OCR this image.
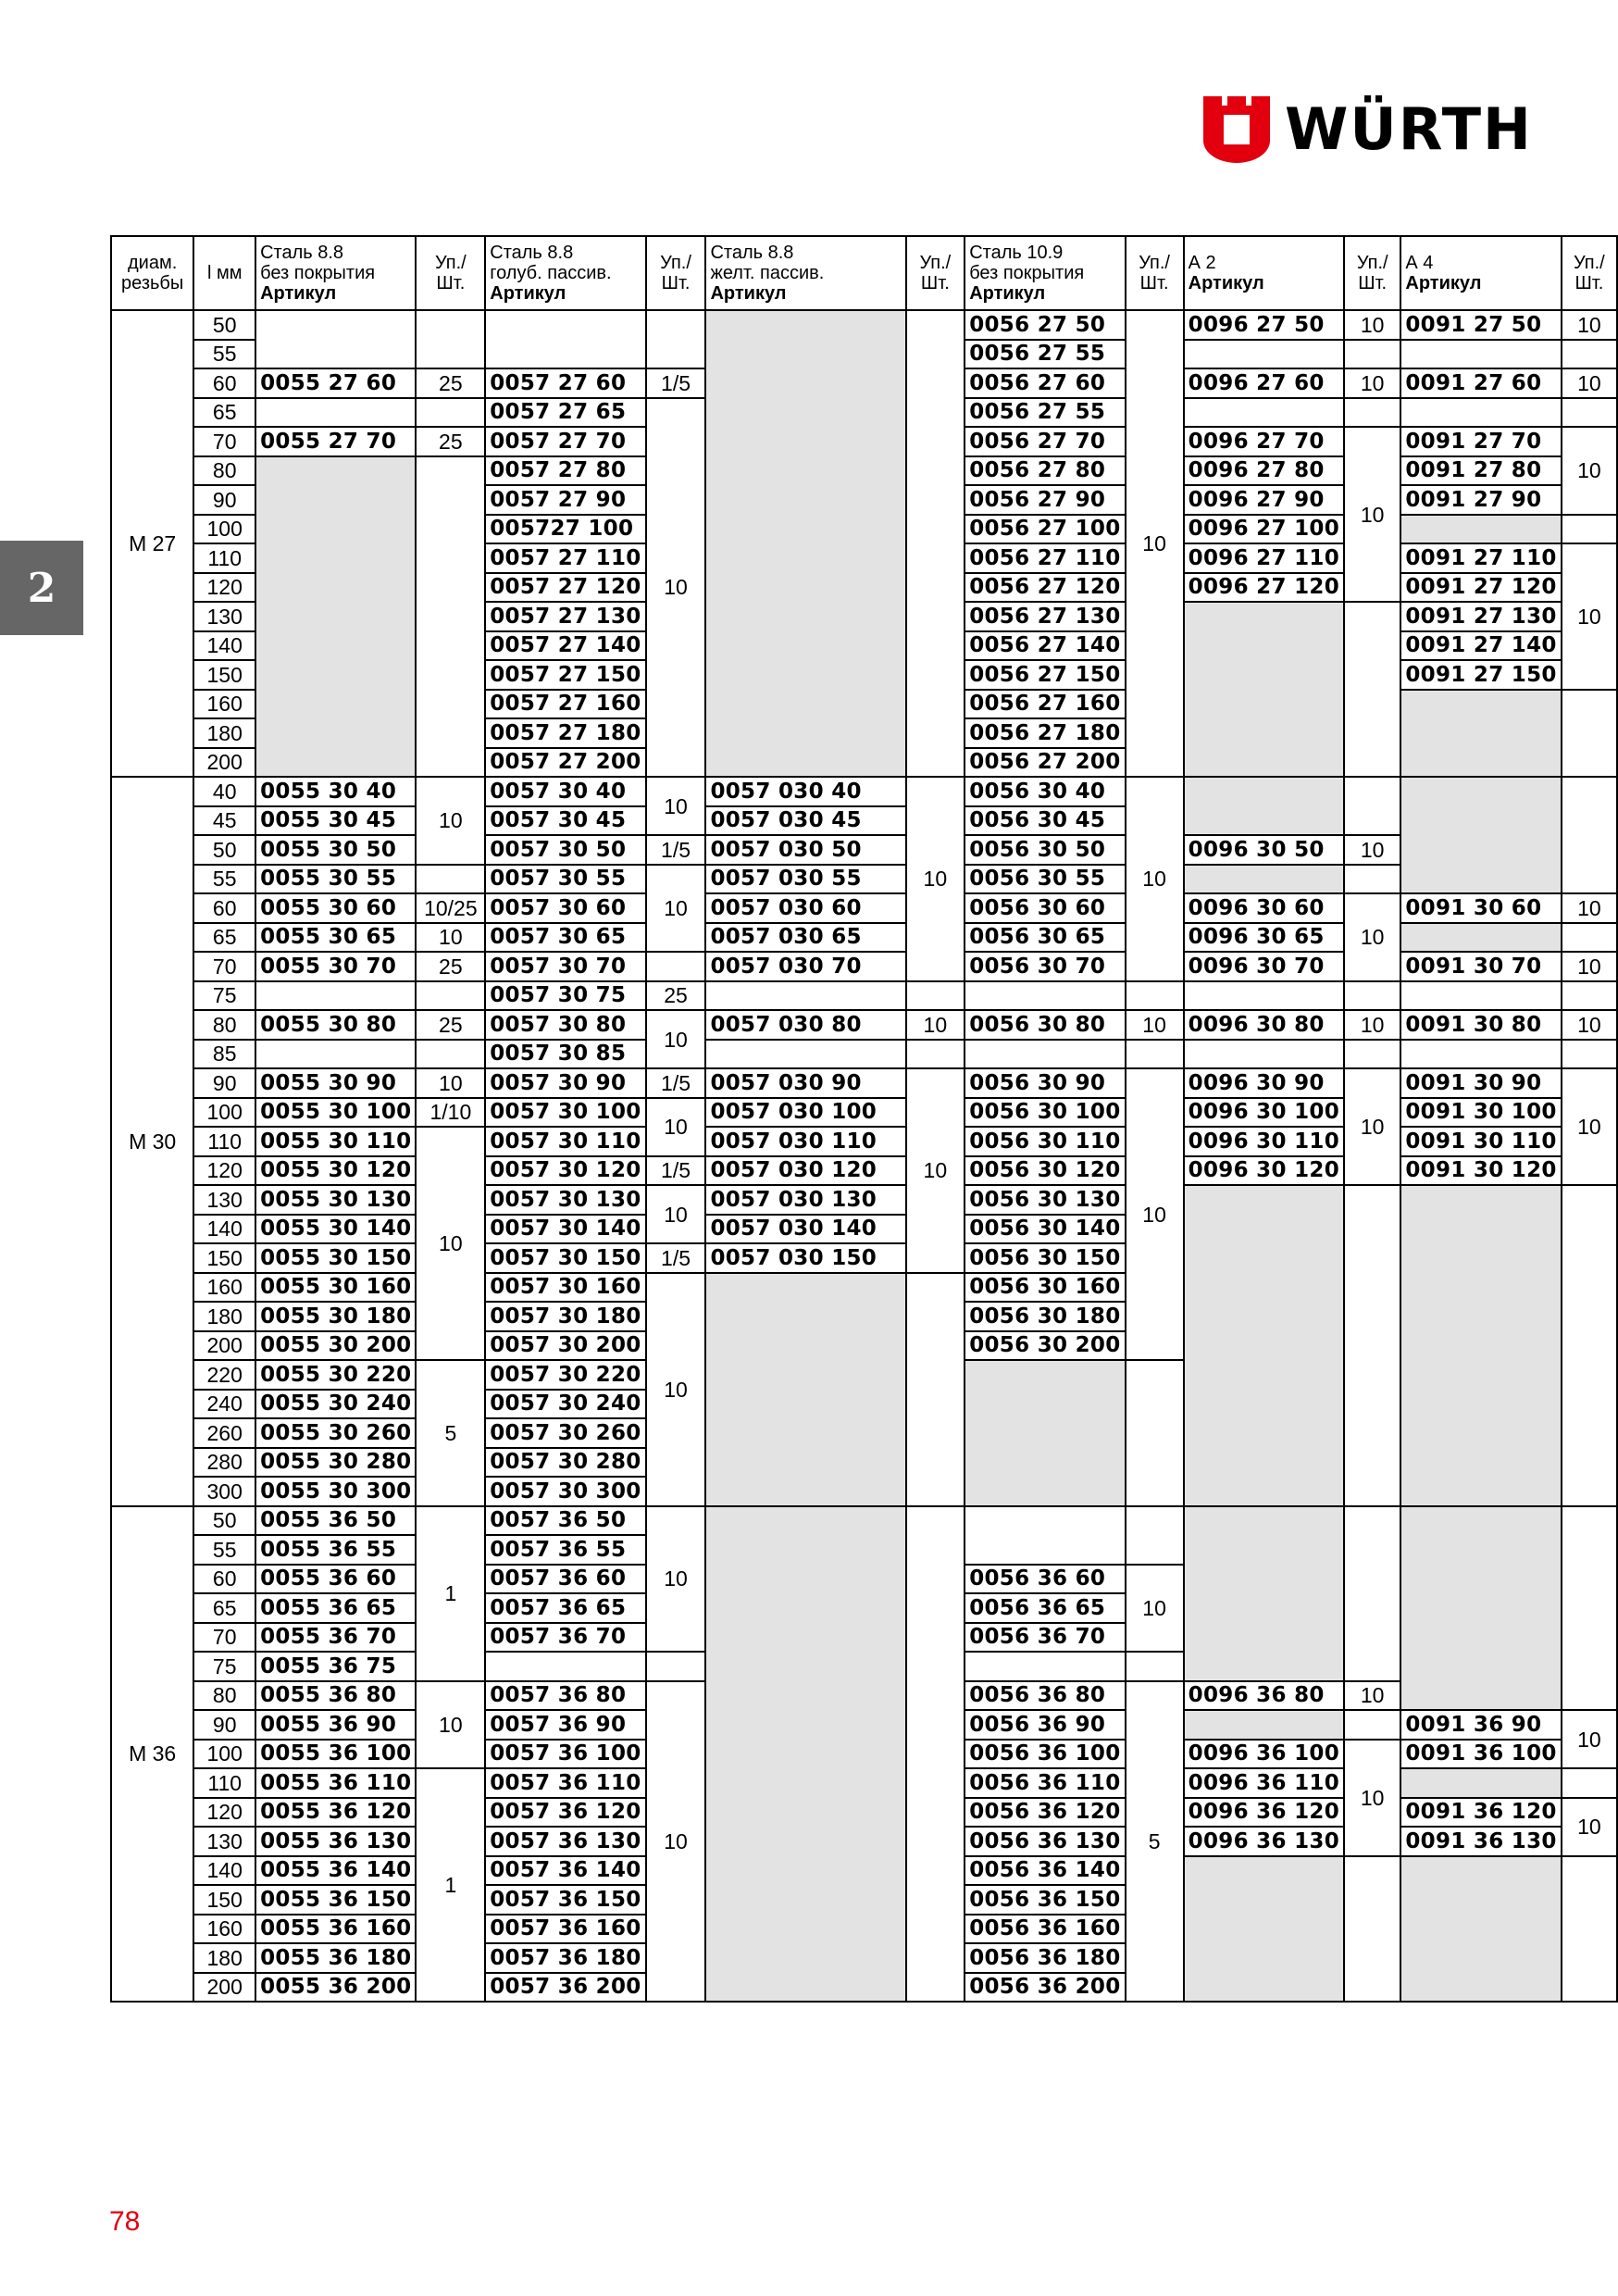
WÜRTH
2
диам. резьбы	l мм	Сталь 8.8
без покрытия
Артикул	Уп./ Шт.	Сталь 8.8
голуб. пассив.
Артикул	Уп./ Шт.	Сталь 8.8
желт. пассив.
Артикул	Уп./ Шт.	Сталь 10.9
без покрытия
Артикул	Уп./ Шт.	А 2
Артикул	Уп./ Шт.	А 4
Артикул	Уп./ Шт.
M 27	50							0056 27 50	10	0096 27 50	10	0091 27 50	10
	55							0056 27 55					
	60	0055 27 60	25	0057 27 60	1/5			0056 27 60		0096 27 60	10	0091 27 60	10
	65			0057 27 65	10			0056 27 55					
	70	0055 27 70	25	0057 27 70				0056 27 70		0096 27 70	10	0091 27 70	10
	80			0057 27 80				0056 27 80		0096 27 80		0091 27 80	
	90			0057 27 90				0056 27 90		0096 27 90		0091 27 90	
	100			005727 100				0056 27 100		0096 27 100			
	110			0057 27 110				0056 27 110		0096 27 110		0091 27 110	10
	120			0057 27 120				0056 27 120		0096 27 120		0091 27 120	
	130			0057 27 130				0056 27 130				0091 27 130	
	140			0057 27 140				0056 27 140				0091 27 140	
	150			0057 27 150				0056 27 150				0091 27 150	
	160			0057 27 160				0056 27 160					
	180			0057 27 180				0056 27 180					
	200			0057 27 200				0056 27 200					
M 30	40	0055 30 40	10	0057 30 40	10	0057 030 40	10	0056 30 40	10				
	45	0055 30 45		0057 30 45		0057 030 45		0056 30 45					
	50	0055 30 50		0057 30 50	1/5	0057 030 50		0056 30 50		0096 30 50	10		
	55	0055 30 55		0057 30 55	10	0057 030 55		0056 30 55					
	60	0055 30 60	10/25	0057 30 60		0057 030 60		0056 30 60		0096 30 60	10	0091 30 60	10
	65	0055 30 65	10	0057 30 65		0057 030 65		0056 30 65		0096 30 65			
	70	0055 30 70	25	0057 30 70		0057 030 70		0056 30 70		0096 30 70		0091 30 70	10
	75			0057 30 75	25								
	80	0055 30 80	25	0057 30 80	10	0057 030 80	10	0056 30 80	10	0096 30 80	10	0091 30 80	10
	85			0057 30 85									
	90	0055 30 90	10	0057 30 90	1/5	0057 030 90	10	0056 30 90	10	0096 30 90	10	0091 30 90	10
	100	0055 30 100	1/10	0057 30 100	10	0057 030 100		0056 30 100		0096 30 100		0091 30 100	
	110	0055 30 110	10	0057 30 110		0057 030 110		0056 30 110		0096 30 110		0091 30 110	
	120	0055 30 120		0057 30 120	1/5	0057 030 120		0056 30 120		0096 30 120		0091 30 120	
	130	0055 30 130		0057 30 130	10	0057 030 130		0056 30 130					
	140	0055 30 140		0057 30 140		0057 030 140		0056 30 140					
	150	0055 30 150		0057 30 150	1/5	0057 030 150		0056 30 150					
	160	0055 30 160		0057 30 160	10			0056 30 160					
	180	0055 30 180		0057 30 180				0056 30 180					
	200	0055 30 200		0057 30 200				0056 30 200					
	220	0055 30 220	5	0057 30 220									
	240	0055 30 240		0057 30 240									
	260	0055 30 260		0057 30 260									
	280	0055 30 280		0057 30 280									
	300	0055 30 300		0057 30 300									
M 36	50	0055 36 50	1	0057 36 50	10								
	55	0055 36 55		0057 36 55									
	60	0055 36 60		0057 36 60				0056 36 60	10				
	65	0055 36 65		0057 36 65				0056 36 65					
	70	0055 36 70		0057 36 70				0056 36 70					
	75	0055 36 75											
	80	0055 36 80	10	0057 36 80	10			0056 36 80	5	0096 36 80	10		
	90	0055 36 90		0057 36 90				0056 36 90				0091 36 90	10
	100	0055 36 100		0057 36 100				0056 36 100		0096 36 100	10	0091 36 100	
	110	0055 36 110	1	0057 36 110				0056 36 110		0096 36 110			
	120	0055 36 120		0057 36 120				0056 36 120		0096 36 120		0091 36 120	10
	130	0055 36 130		0057 36 130				0056 36 130		0096 36 130		0091 36 130	
	140	0055 36 140		0057 36 140				0056 36 140					
	150	0055 36 150		0057 36 150				0056 36 150					
	160	0055 36 160		0057 36 160				0056 36 160					
	180	0055 36 180		0057 36 180				0056 36 180					
	200	0055 36 200		0057 36 200				0056 36 200					
78
